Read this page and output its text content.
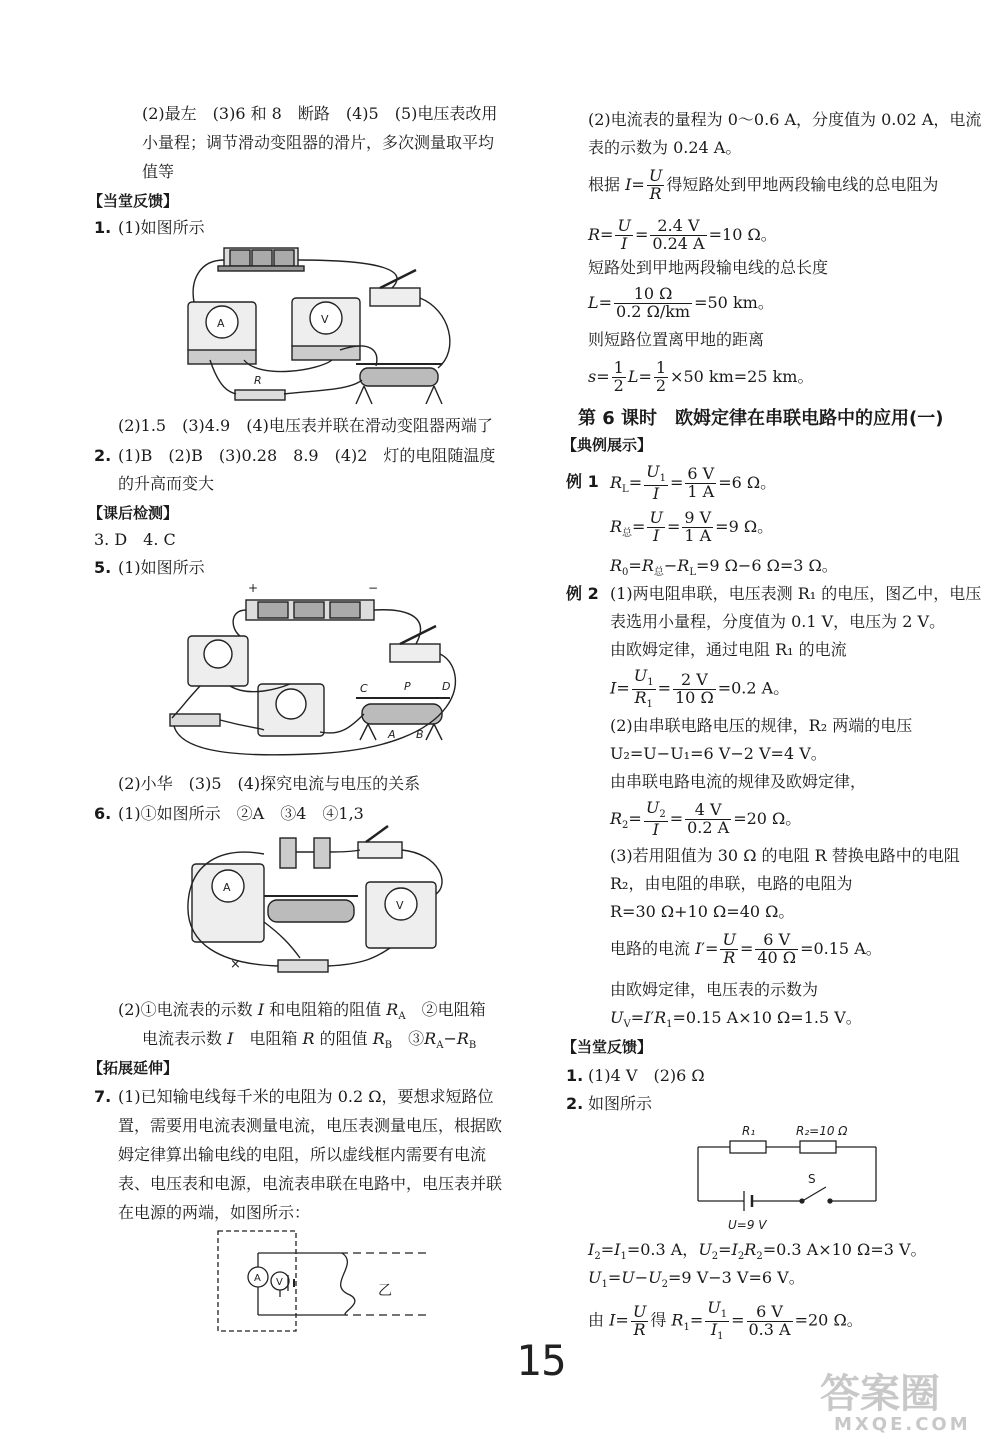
(2)最左　(3)6 和 8　断路　(4)5　(5)电压表改用
小量程；调节滑动变阻器的滑片，多次测量取平均
值等
【当堂反馈】
1. (1)如图所示
A	V
R
(2)1.5　(3)4.9　(4)电压表并联在滑动变阻器两端了
2. (1)B　(2)B　(3)0.28　8.9　(4)2　灯的电阻随温度
的升高而变大
【课后检测】
3. D　4. C
5. (1)如图所示
+	−
C	P	D
A B
(2)小华　(3)5　(4)探究电流与电压的关系
6. (1)①如图所示　②A　③4　④1,3
A
V
×
(2)①电流表的示数 I 和电阻箱的阻值 $R_A$　②电阻箱
电流表示数 I　电阻箱 R 的阻值 $R_B$　$③R_A-R_B$
【拓展延伸】
7. (1)已知输电线每千米的电阻为 0.2 Ω，要想求短路位
置，需要用电流表测量电流，电压表测量电压，根据欧
姆定律算出输电线的电阻，所以虚线框内需要有电流
表、电压表和电源，电流表串联在电路中，电压表并联
在电源的两端，如图所示：
A V
乙
(2)电流表的量程为 0～0.6 A，分度值为 0.02 A，电流
表的示数为 0.24 A。
根据 $I= \frac{U}{R}$ 得短路处到甲地两段输电线的总电阻为
$R= \frac{U}{I} = \frac{2.4 V}{0.24 A} =10$ Ω。
短路处到甲地两段输电线的总长度
$L= \frac{10 \Omega}{0.2 \Omega/km} =50$ km。
则短路位置离甲地的距离
$s= \frac{1}{2} L= \frac{1}{2} \times 50$ km=25 km。
第 6 课时　欧姆定律在串联电路中的应用(一)
【典例展示】
例 1 $R_L= \frac{U_1}{I} = \frac{6 V}{1 A} =6$ Ω。
$R_总= \frac{U}{I} = \frac{9 V}{1 A} =9$ Ω。
$R_0=R_总-R_L=9$ Ω−6 Ω=3 Ω。
例 2 (1)两电阻串联，电压表测 R₁ 的电压，图乙中，电压
表选用小量程，分度值为 0.1 V，电压为 2 V。
由欧姆定律，通过电阻 R₁ 的电流
$I= \frac{U_1}{R_1} = \frac{2 V}{10 \Omega} =0.2$ A。
(2)由串联电路电压的规律，R₂ 两端的电压
U₂=U−U₁=6 V−2 V=4 V。
由串联电路电流的规律及欧姆定律，
$R_2= \frac{U_2}{I} = \frac{4 V}{0.2 A} =20$ Ω。
(3)若用阻值为 30 Ω 的电阻 R 替换电路中的电阻
R₂，由电阻的串联，电路的电阻为
R=30 Ω+10 Ω=40 Ω。
电路的电流 $I'= \frac{U}{R} = \frac{6 V}{40 \Omega} =0.15$ A。
由欧姆定律，电压表的示数为
$U_V=I'R_1=0.15$ A×10 Ω=1.5 V。
【当堂反馈】
1. (1)4 V　(2)6 Ω
2. 如图所示
R₁	R₂=10 Ω
S
U=9 V
$I_2=I_1=0.3$ A，$U_2=I_2R_2=0.3$ A×10 Ω=3 V。
$U_1=U-U_2=9$ V−3 V=6 V。
由 $I= \frac{U}{R}$ 得 $R_1= \frac{U_1}{I_1} = \frac{6 V}{0.3 A} =20$ Ω。
15
答案圈
MXQE.COM
